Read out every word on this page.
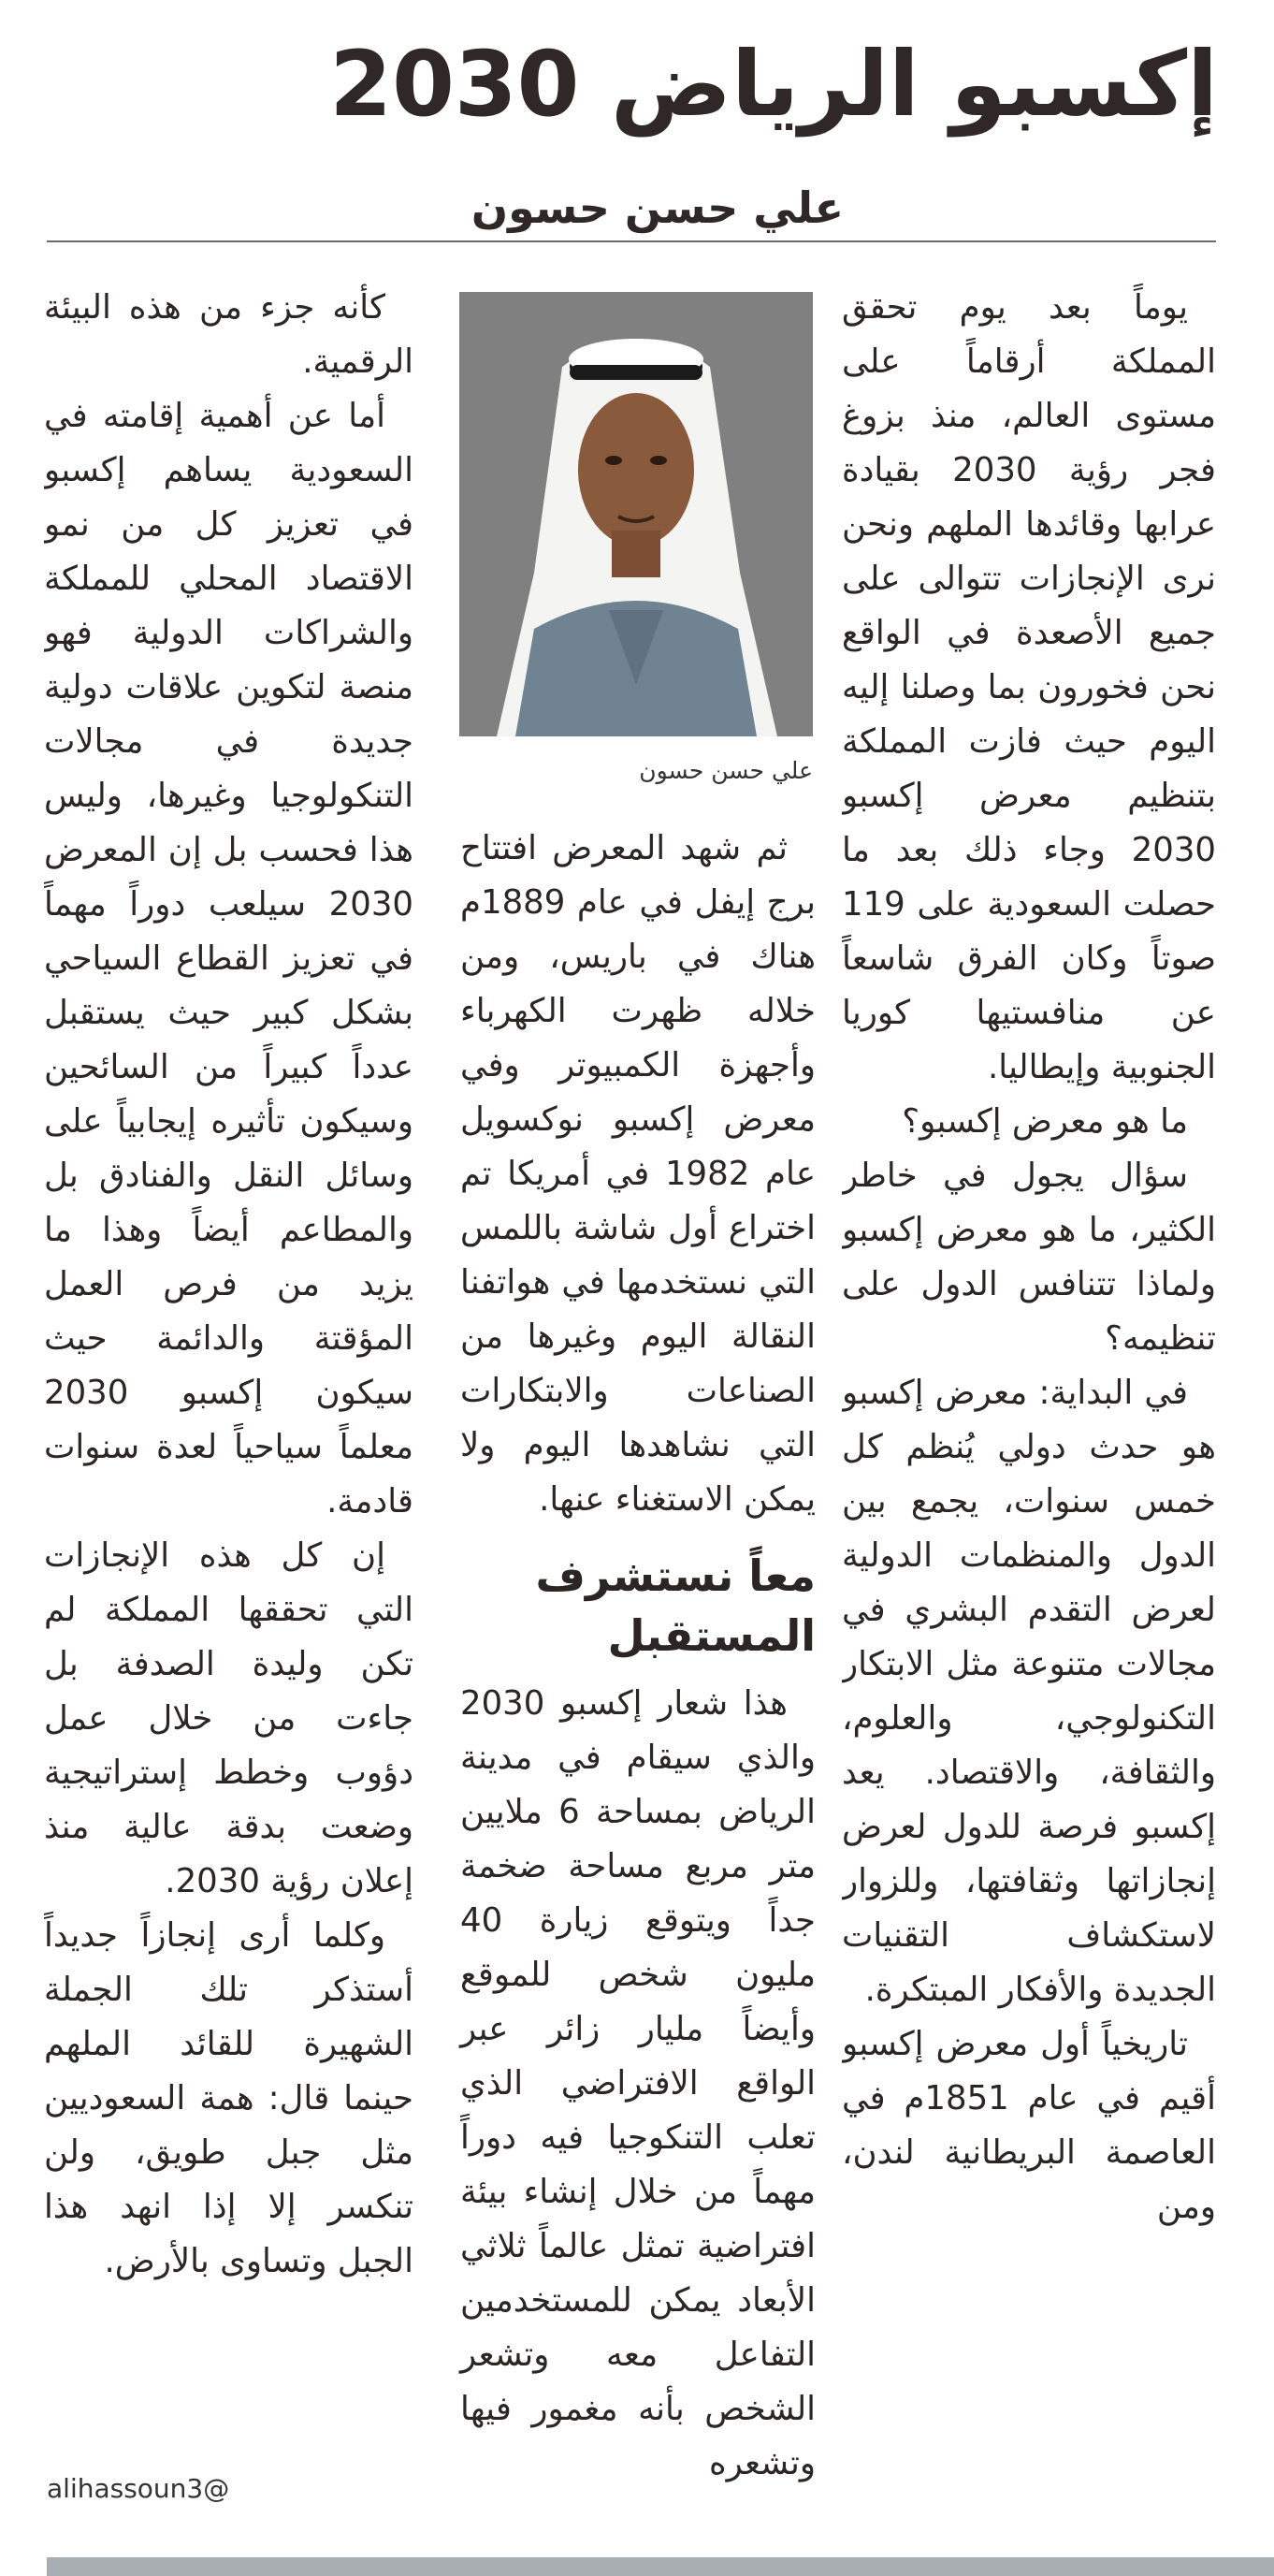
إكسبو الرياض 2030
علي حسن حسون

يوماً بعد يوم تحقق المملكة أرقاماً على مستوى العالم، منذ بزوغ فجر رؤية 2030 بقيادة عرابها وقائدها الملهم ونحن نرى الإنجازات تتوالى على جميع الأصعدة في الواقع نحن فخورون بما وصلنا إليه اليوم حيث فازت المملكة بتنظيم معرض إكسبو 2030 وجاء ذلك بعد ما حصلت السعودية على 119 صوتاً وكان الفرق شاسعاً عن منافستيها كوريا الجنوبية وإيطاليا.

ما هو معرض إكسبو؟

سؤال يجول في خاطر الكثير، ما هو معرض إكسبو ولماذا تتنافس الدول على تنظيمه؟

في البداية: معرض إكسبو هو حدث دولي يُنظم كل خمس سنوات، يجمع بين الدول والمنظمات الدولية لعرض التقدم البشري في مجالات متنوعة مثل الابتكار التكنولوجي، والعلوم، والثقافة، والاقتصاد. يعد إكسبو فرصة للدول لعرض إنجازاتها وثقافتها، وللزوار لاستكشاف التقنيات الجديدة والأفكار المبتكرة.

تاريخياً أول معرض إكسبو أقيم في عام 1851م في العاصمة البريطانية لندن، ومن

علي حسن حسون

ثم شهد المعرض افتتاح برج إيفل في عام 1889م هناك في باريس، ومن خلاله ظهرت الكهرباء وأجهزة الكمبيوتر وفي معرض إكسبو نوكسويل عام 1982 في أمريكا تم اختراع أول شاشة باللمس التي نستخدمها في هواتفنا النقالة اليوم وغيرها من الصناعات والابتكارات التي نشاهدها اليوم ولا يمكن الاستغناء عنها.

معاً نستشرف المستقبل

هذا شعار إكسبو 2030 والذي سيقام في مدينة الرياض بمساحة 6 ملايين متر مربع مساحة ضخمة جداً ويتوقع زيارة 40 مليون شخص للموقع وأيضاً مليار زائر عبر الواقع الافتراضي الذي تعلب التنكوجيا فيه دوراً مهماً من خلال إنشاء بيئة افتراضية تمثل عالماً ثلاثي الأبعاد يمكن للمستخدمين التفاعل معه وتشعر الشخص بأنه مغمور فيها وتشعره

كأنه جزء من هذه البيئة الرقمية.

أما عن أهمية إقامته في السعودية يساهم إكسبو في تعزيز كل من نمو الاقتصاد المحلي للمملكة والشراكات الدولية فهو منصة لتكوين علاقات دولية جديدة في مجالات التنكولوجيا وغيرها، وليس هذا فحسب بل إن المعرض 2030 سيلعب دوراً مهماً في تعزيز القطاع السياحي بشكل كبير حيث يستقبل عدداً كبيراً من السائحين وسيكون تأثيره إيجابياً على وسائل النقل والفنادق بل والمطاعم أيضاً وهذا ما يزيد من فرص العمل المؤقتة والدائمة حيث سيكون إكسبو 2030 معلماً سياحياً لعدة سنوات قادمة.

إن كل هذه الإنجازات التي تحققها المملكة لم تكن وليدة الصدفة بل جاءت من خلال عمل دؤوب وخطط إستراتيجية وضعت بدقة عالية منذ إعلان رؤية 2030.

وكلما أرى إنجازاً جديداً أستذكر تلك الجملة الشهيرة للقائد الملهم حينما قال: همة السعوديين مثل جبل طويق، ولن تنكسر إلا إذا انهد هذا الجبل وتساوى بالأرض.

alihassoun3@
